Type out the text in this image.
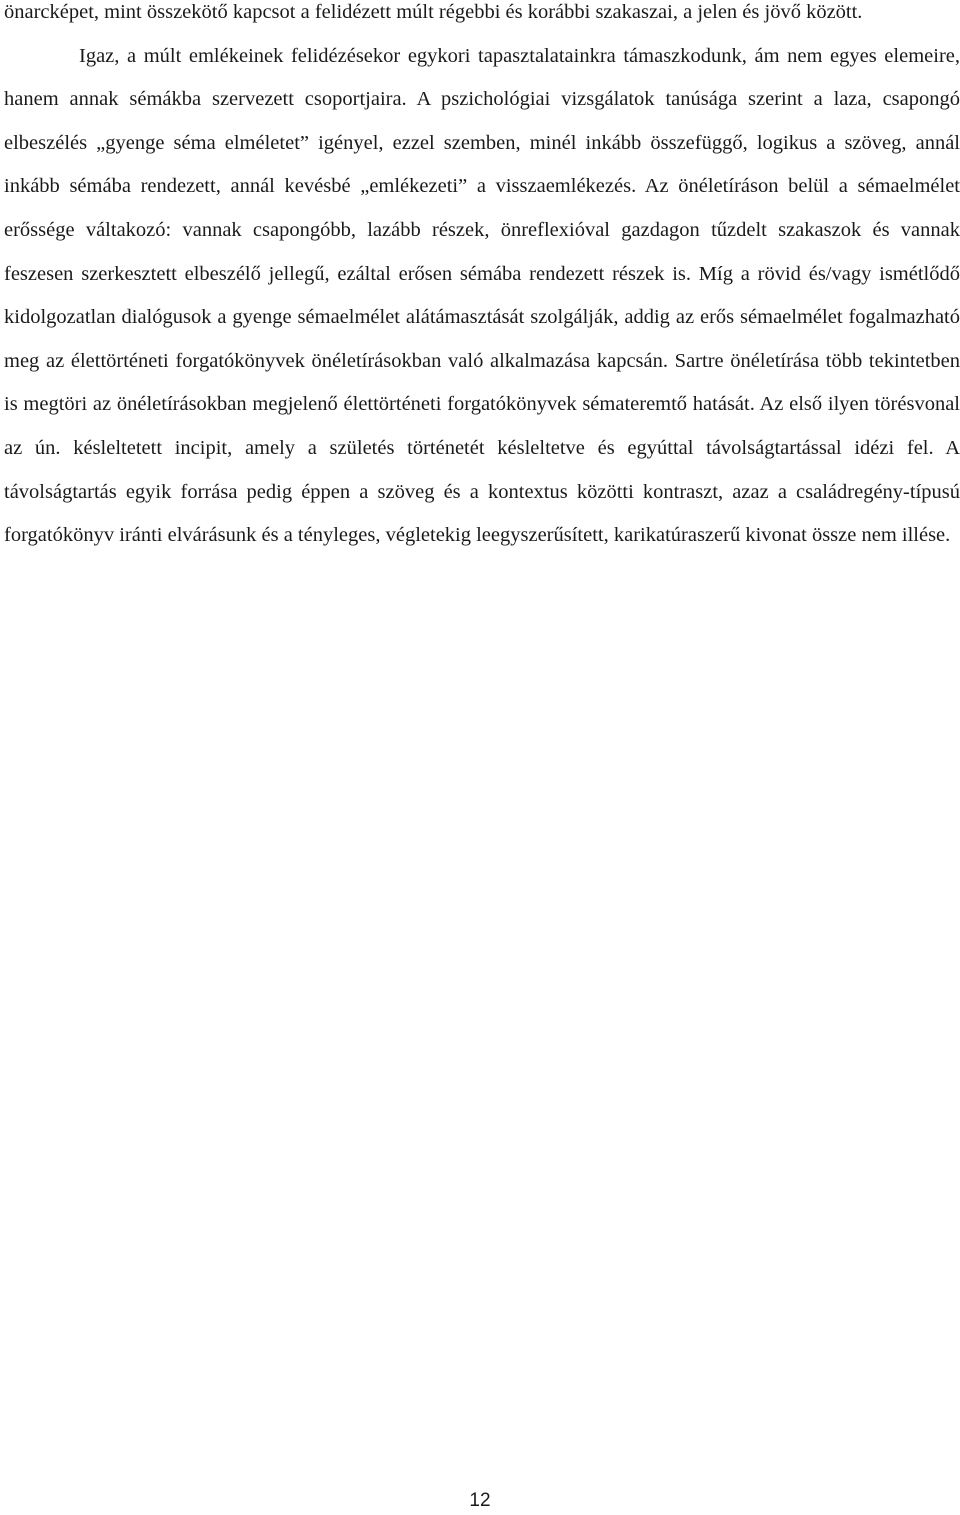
önarcképet, mint összekötő kapcsot a felidézett múlt régebbi és korábbi szakaszai, a jelen és jövő között.

Igaz, a múlt emlékeinek felidézésekor egykori tapasztalatainkra támaszkodunk, ám nem egyes elemeire, hanem annak sémákba szervezett csoportjaira. A pszichológiai vizsgálatok tanúsága szerint a laza, csapongó elbeszélés „gyenge séma elméletet” igényel, ezzel szemben, minél inkább összefüggő, logikus a szöveg, annál inkább sémába rendezett, annál kevésbé „emlékezeti” a visszaemlékezés. Az önéletíráson belül a sémaelmélet erőssége váltakozó: vannak csapongóbb, lazább részek, önreflexióval gazdagon tűzdelt szakaszok és vannak feszesen szerkesztett elbeszélő jellegű, ezáltal erősen sémába rendezett részek is. Míg a rövid és/vagy ismétlődő kidolgozatlan dialógusok a gyenge sémaelmélet alátámasztását szolgálják, addig az erős sémaelmélet fogalmazható meg az élettörténeti forgatókönyvek önéletírásokban való alkalmazása kapcsán. Sartre önéletírása több tekintetben is megtöri az önéletírásokban megjelenő élettörténeti forgatókönyvek sémateremtő hatását. Az első ilyen törésvonal az ún. késleltetett incipit, amely a születés történetét késleltetve és egyúttal távolságtartással idézi fel. A távolságtartás egyik forrása pedig éppen a szöveg és a kontextus közötti kontraszt, azaz a családregény-típusú forgatókönyv iránti elvárásunk és a tényleges, végletekig leegyszerűsített, karikatúraszerű kivonat össze nem illése.

12
